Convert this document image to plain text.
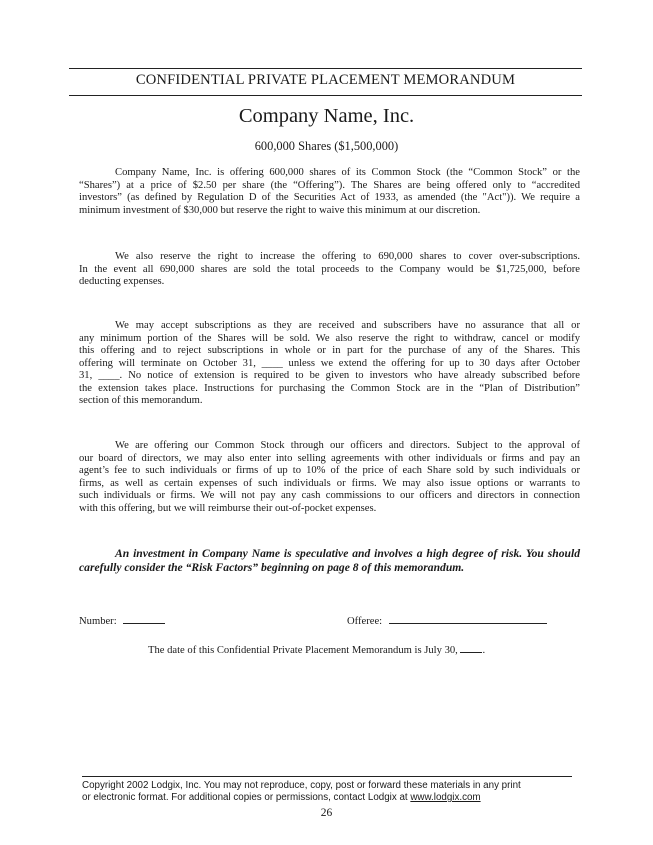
CONFIDENTIAL PRIVATE PLACEMENT MEMORANDUM
Company Name, Inc.
600,000 Shares ($1,500,000)
Company Name, Inc. is offering 600,000 shares of its Common Stock (the “Common Stock” or the
“Shares”) at a price of $2.50 per share (the “Offering”). The Shares are being offered only to “accredited
investors” (as defined by Regulation D of the Securities Act of 1933, as amended (the "Act")). We require a
minimum investment of $30,000 but reserve the right to waive this minimum at our discretion.
We also reserve the right to increase the offering to 690,000 shares to cover over-subscriptions.
In the event all 690,000 shares are sold the total proceeds to the Company would be $1,725,000, before
deducting expenses.
We may accept subscriptions as they are received and subscribers have no assurance that all or
any minimum portion of the Shares will be sold. We also reserve the right to withdraw, cancel or modify
this offering and to reject subscriptions in whole or in part for the purchase of any of the Shares. This
offering will terminate on October 31, ____ unless we extend the offering for up to 30 days after October
31, ____. No notice of extension is required to be given to investors who have already subscribed before
the extension takes place. Instructions for purchasing the Common Stock are in the “Plan of Distribution”
section of this memorandum.
We are offering our Common Stock through our officers and directors. Subject to the approval of
our board of directors, we may also enter into selling agreements with other individuals or firms and pay an
agent’s fee to such individuals or firms of up to 10% of the price of each Share sold by such individuals or
firms, as well as certain expenses of such individuals or firms. We may also issue options or warrants to
such individuals or firms. We will not pay any cash commissions to our officers and directors in connection
with this offering, but we will reimburse their out-of-pocket expenses.
An investment in Company Name is speculative and involves a high degree of risk. You should
carefully consider the “Risk Factors” beginning on page 8 of this memorandum.
Number:	Offeree:
The date of this Confidential Private Placement Memorandum is July 30, .
Copyright 2002 Lodgix, Inc. You may not reproduce, copy, post or forward these materials in any print
or electronic format. For additional copies or permissions, contact Lodgix at www.lodgix.com
26
